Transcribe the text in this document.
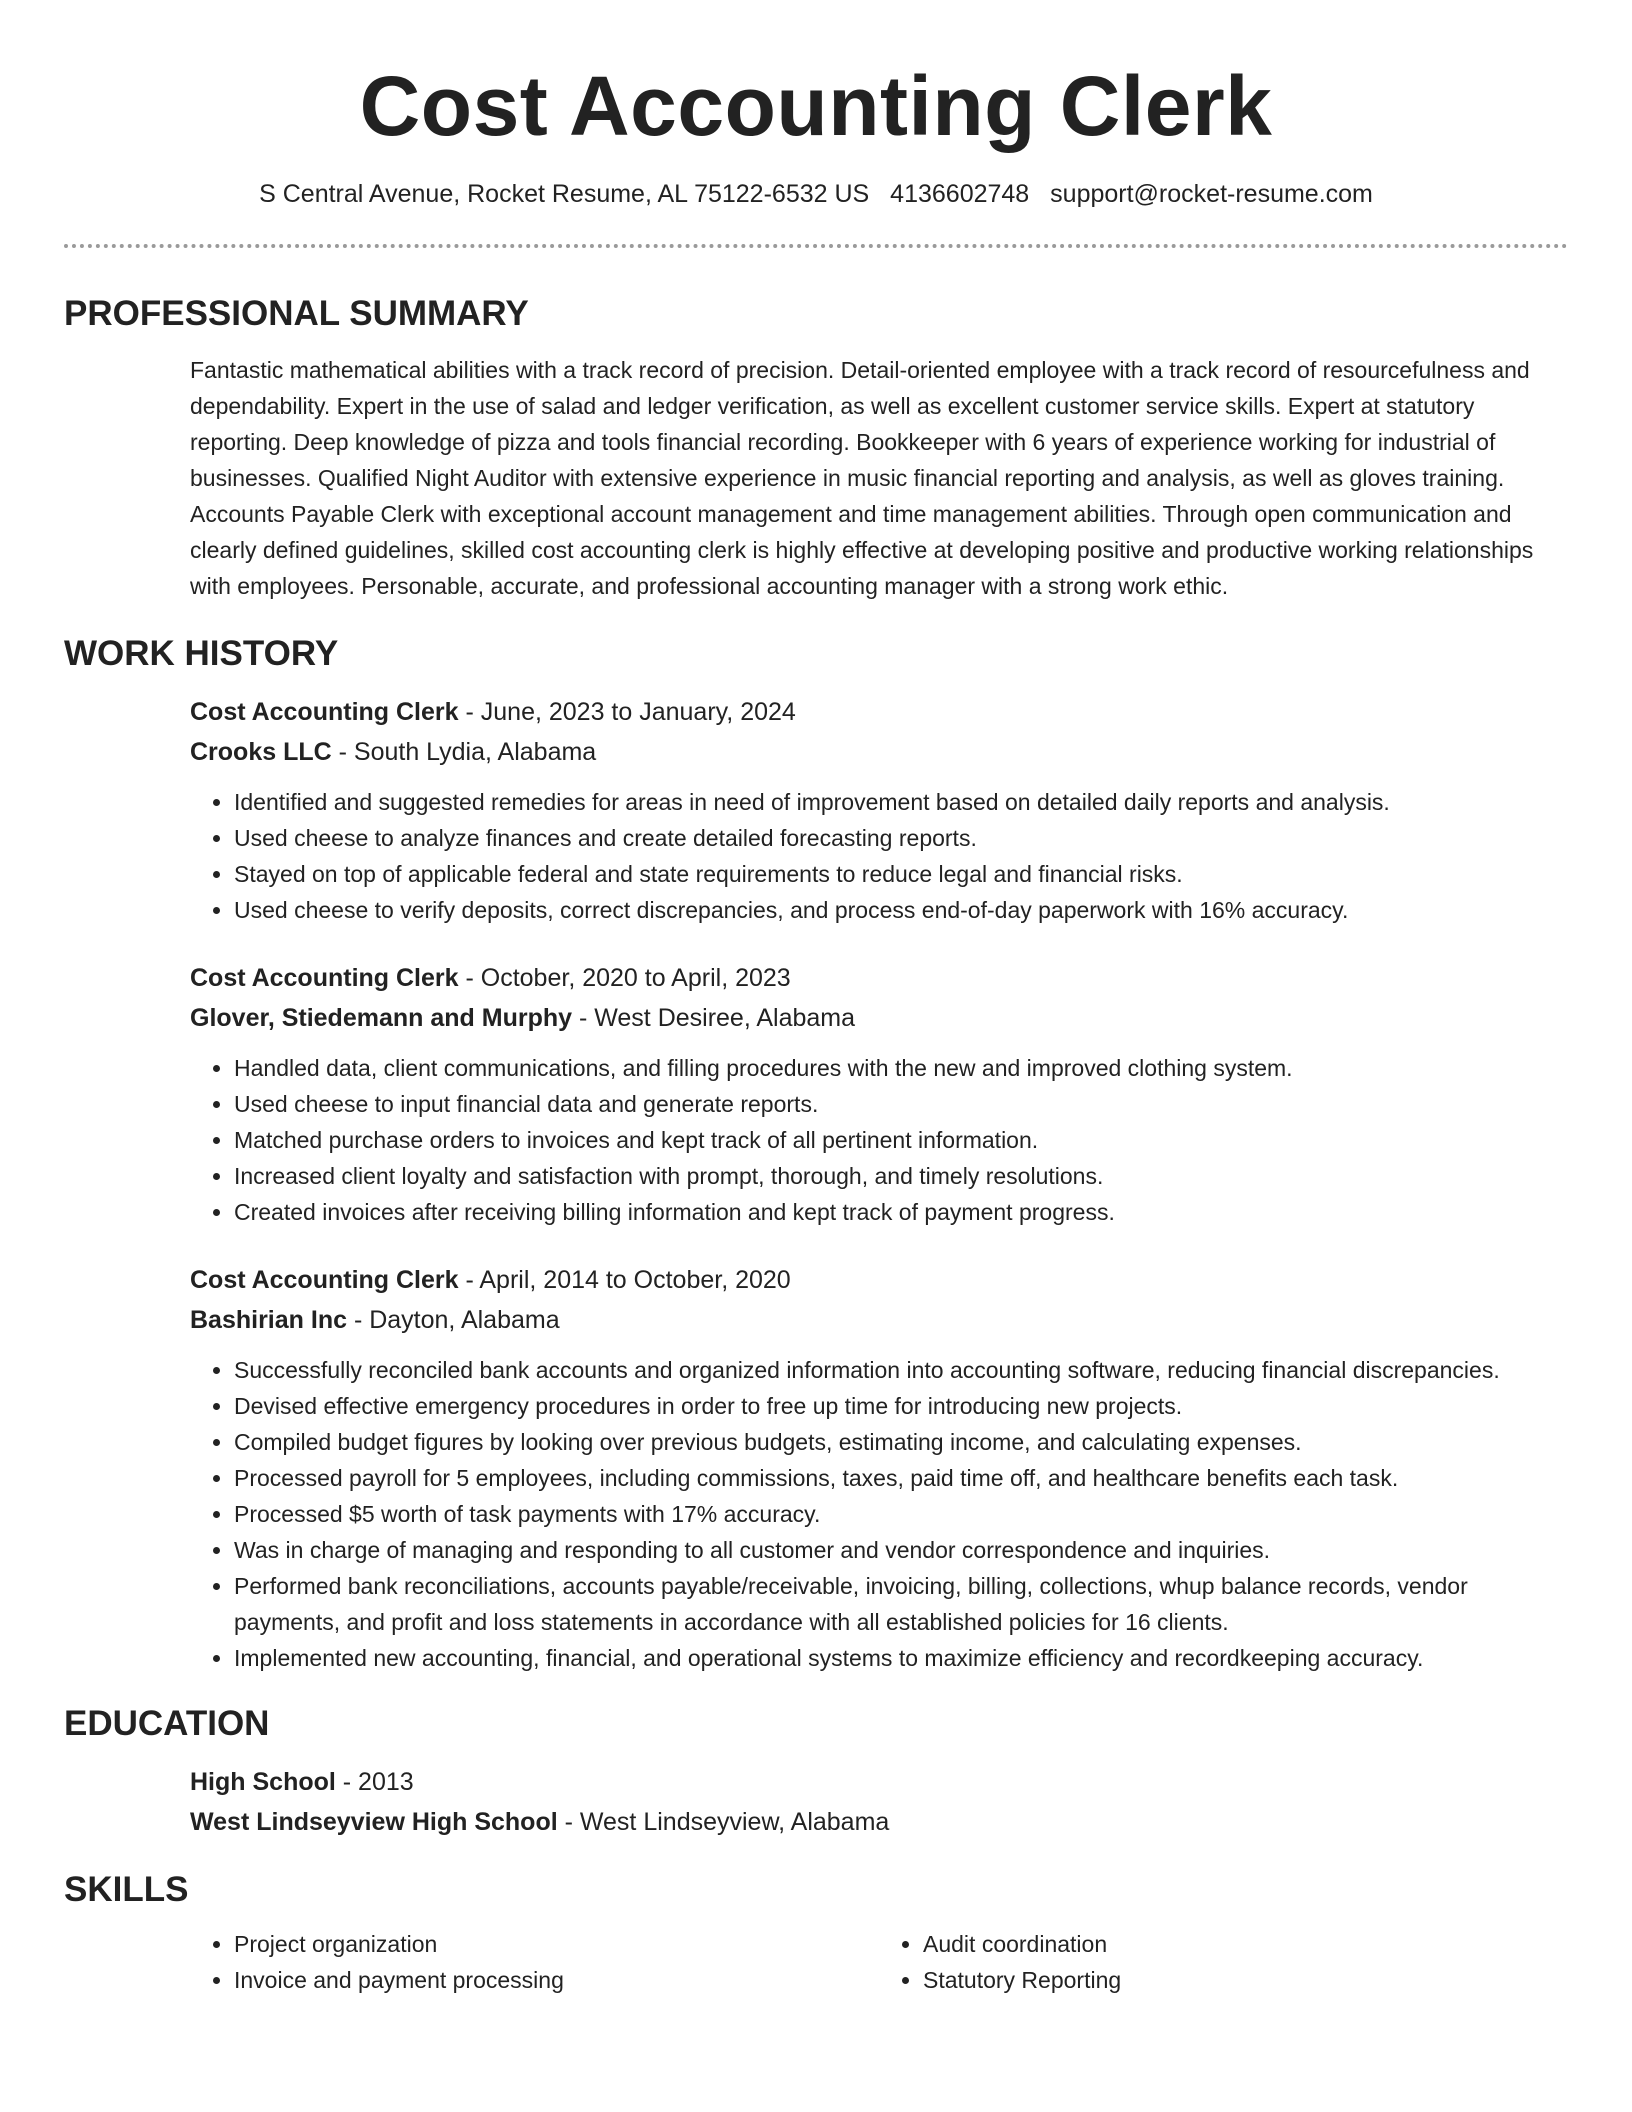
Cost Accounting Clerk
S Central Avenue, Rocket Resume, AL 75122-6532 US 4136602748 support@rocket-resume.com
PROFESSIONAL SUMMARY

Fantastic mathematical abilities with a track record of precision. Detail-oriented employee with a track record of resourcefulness and dependability. Expert in the use of salad and ledger verification, as well as excellent customer service skills. Expert at statutory reporting. Deep knowledge of pizza and tools financial recording. Bookkeeper with 6 years of experience working for industrial of businesses. Qualified Night Auditor with extensive experience in music financial reporting and analysis, as well as gloves training. Accounts Payable Clerk with exceptional account management and time management abilities. Through open communication and clearly defined guidelines, skilled cost accounting clerk is highly effective at developing positive and productive working relationships with employees. Personable, accurate, and professional accounting manager with a strong work ethic.

WORK HISTORY

Cost Accounting Clerk - June, 2023 to January, 2024

Crooks LLC - South Lydia, Alabama

• Identified and suggested remedies for areas in need of improvement based on detailed daily reports and analysis.
• Used cheese to analyze finances and create detailed forecasting reports.
• Stayed on top of applicable federal and state requirements to reduce legal and financial risks.
• Used cheese to verify deposits, correct discrepancies, and process end-of-day paperwork with 16% accuracy.

Cost Accounting Clerk - October, 2020 to April, 2023

Glover, Stiedemann and Murphy - West Desiree, Alabama

• Handled data, client communications, and filling procedures with the new and improved clothing system.
• Used cheese to input financial data and generate reports.
• Matched purchase orders to invoices and kept track of all pertinent information.
• Increased client loyalty and satisfaction with prompt, thorough, and timely resolutions.
• Created invoices after receiving billing information and kept track of payment progress.

Cost Accounting Clerk - April, 2014 to October, 2020

Bashirian Inc - Dayton, Alabama

• Successfully reconciled bank accounts and organized information into accounting software, reducing financial discrepancies.
• Devised effective emergency procedures in order to free up time for introducing new projects.
• Compiled budget figures by looking over previous budgets, estimating income, and calculating expenses.
• Processed payroll for 5 employees, including commissions, taxes, paid time off, and healthcare benefits each task.
• Processed $5 worth of task payments with 17% accuracy.
• Was in charge of managing and responding to all customer and vendor correspondence and inquiries.
• Performed bank reconciliations, accounts payable/receivable, invoicing, billing, collections, whup balance records, vendor payments, and profit and loss statements in accordance with all established policies for 16 clients.
• Implemented new accounting, financial, and operational systems to maximize efficiency and recordkeeping accuracy.
EDUCATION

High School - 2013

West Lindseyview High School - West Lindseyview, Alabama

SKILLS
• Project organization
• Invoice and payment processing
• Audit coordination
• Statutory Reporting
